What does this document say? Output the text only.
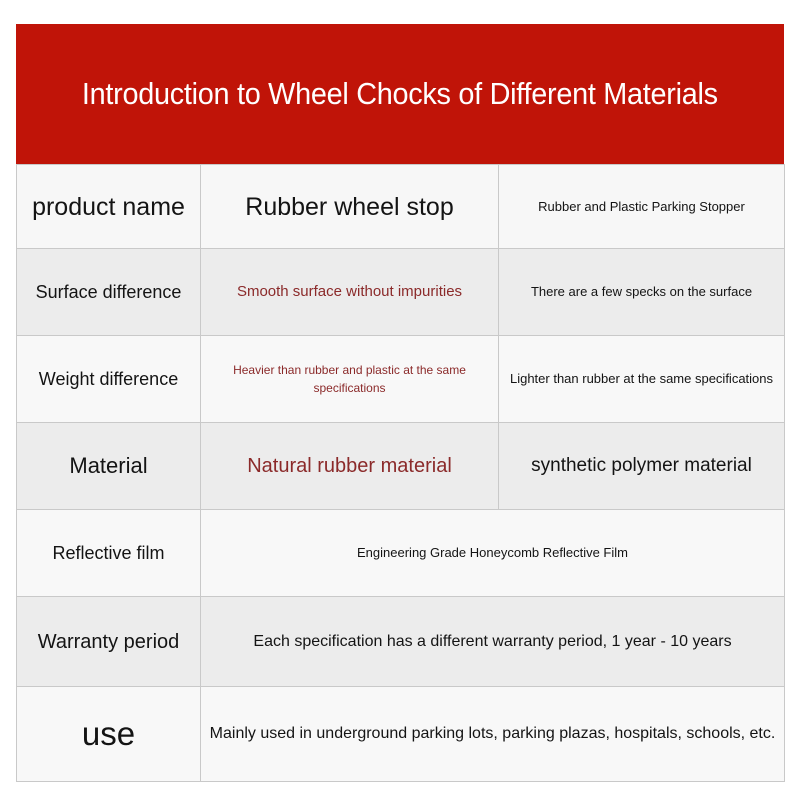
Introduction to Wheel Chocks of Different Materials
product name	Rubber wheel stop	Rubber and Plastic Parking Stopper
Surface difference	Smooth surface without impurities	There are a few specks on the surface
Weight difference	Heavier than rubber and plastic at the same specifications	Lighter than rubber at the same specifications
Material	Natural rubber material	synthetic polymer material
Reflective film	Engineering Grade Honeycomb Reflective Film	
Warranty period	Each specification has a different warranty period, 1 year - 10 years	
use	Mainly used in underground parking lots, parking plazas, hospitals, schools, etc.	
